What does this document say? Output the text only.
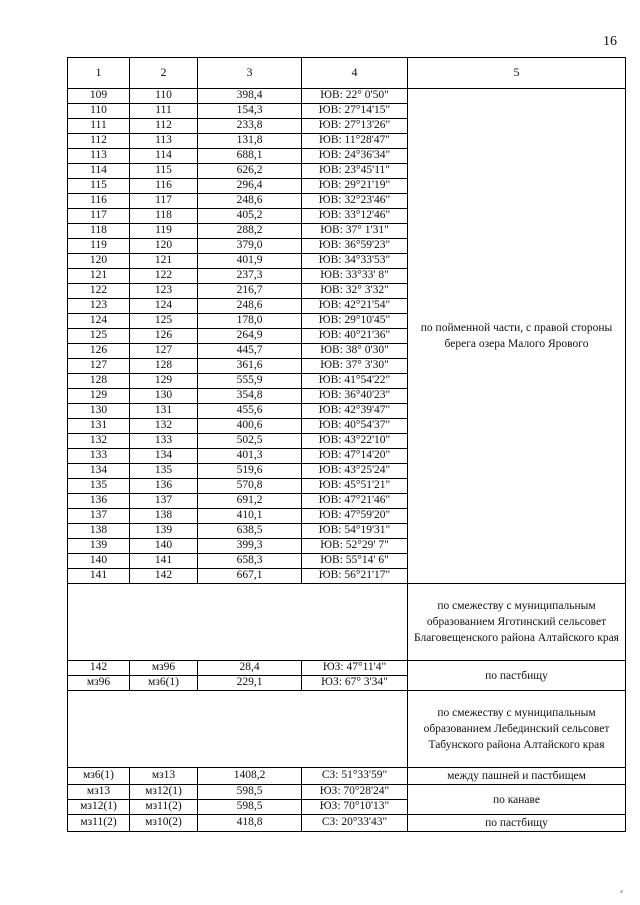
16
1	2	3	4	5
109	110	398,4	ЮВ: 22° 0'50"	по пойменной части, с правой стороны берега озера Малого Ярового
110	111	154,3	ЮВ: 27°14'15"	
111	112	233,8	ЮВ: 27°13'26"	
112	113	131,8	ЮВ: 11°28'47"	
113	114	688,1	ЮВ: 24°36'34"	
114	115	626,2	ЮВ: 23°45'11"	
115	116	296,4	ЮВ: 29°21'19"	
116	117	248,6	ЮВ: 32°23'46"	
117	118	405,2	ЮВ: 33°12'46"	
118	119	288,2	ЮВ: 37° 1'31"	
119	120	379,0	ЮВ: 36°59'23"	
120	121	401,9	ЮВ: 34°33'53"	
121	122	237,3	ЮВ: 33°33' 8"	
122	123	216,7	ЮВ: 32° 3'32"	
123	124	248,6	ЮВ: 42°21'54"	
124	125	178,0	ЮВ: 29°10'45"	
125	126	264,9	ЮВ: 40°21'36"	
126	127	445,7	ЮВ: 38° 0'30"	
127	128	361,6	ЮВ: 37° 3'30"	
128	129	555,9	ЮВ: 41°54'22"	
129	130	354,8	ЮВ: 36°40'23"	
130	131	455,6	ЮВ: 42°39'47"	
131	132	400,6	ЮВ: 40°54'37"	
132	133	502,5	ЮВ: 43°22'10"	
133	134	401,3	ЮВ: 47°14'20"	
134	135	519,6	ЮВ: 43°25'24"	
135	136	570,8	ЮВ: 45°51'21"	
136	137	691,2	ЮВ: 47°21'46"	
137	138	410,1	ЮВ: 47°59'20"	
138	139	638,5	ЮВ: 54°19'31"	
139	140	399,3	ЮВ: 52°29' 7"	
140	141	658,3	ЮВ: 55°14' 6"	
141	142	667,1	ЮВ: 56°21'17"	
				по смежеству с муниципальным образованием Яготинский сельсовет Благовещенского района Алтайского края
142	мз96	28,4	ЮЗ: 47°11'4"	по пастбищу
мз96	мз6(1)	229,1	ЮЗ: 67° 3'34"	
				по смежеству с муниципальным образованием Лебединский сельсовет Табунского района Алтайского края
мз6(1)	мз13	1408,2	СЗ: 51°33'59"	между пашней и пастбищем
мз13	мз12(1)	598,5	ЮЗ: 70°28'24"	по канаве
мз12(1)	мз11(2)	598,5	ЮЗ: 70°10'13"	
мз11(2)	мз10(2)	418,8	СЗ: 20°33'43"	по пастбищу
⸗
